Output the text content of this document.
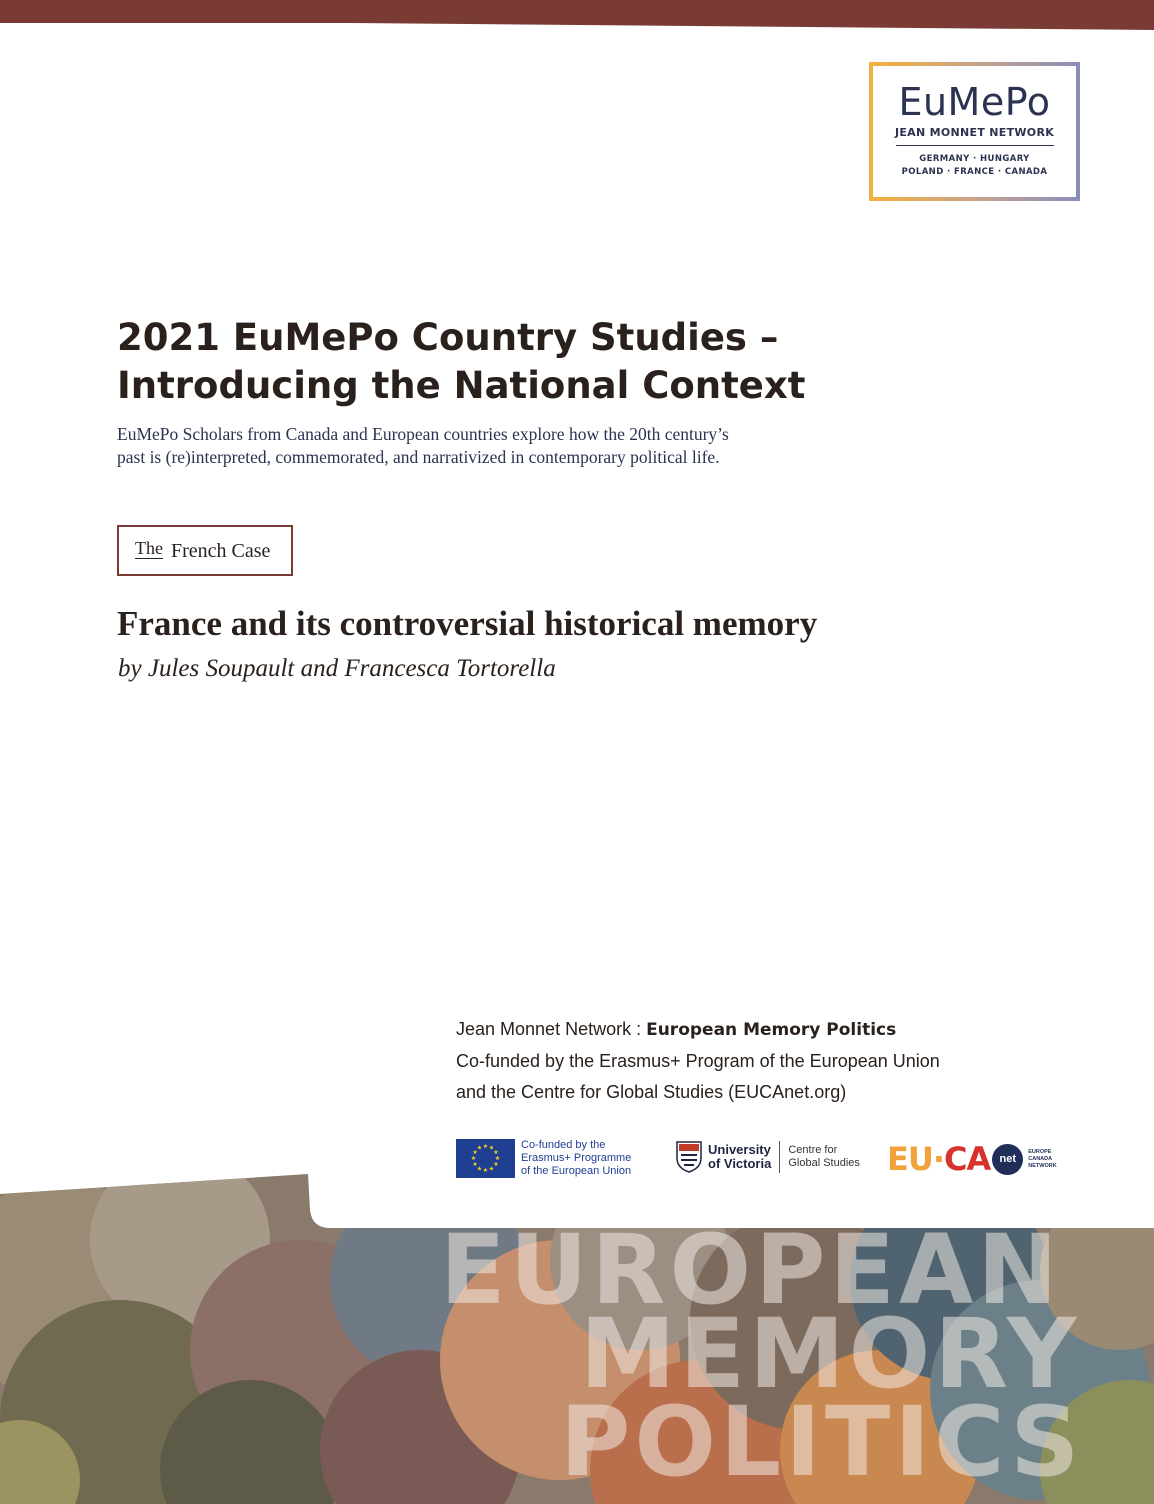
EuMePo
JEAN MONNET NETWORK
GERMANY · HUNGARY
POLAND · FRANCE · CANADA
2021 EuMePo Country Studies –
Introducing the National Context

EuMePo Scholars from Canada and European countries explore how the 20th century’s
past is (re)interpreted, commemorated, and narrativized in contemporary political life.

The French Case
France and its controversial historical memory

by Jules Soupault and Francesca Tortorella

Jean Monnet Network : European Memory Politics
Co-funded by the Erasmus+ Program of the European Union
and the Centre for Global Studies (EUCAnet.org)
★ ★
★
★
★
★
★
★
★
★
★
★	Co-funded by the
Erasmus+ Programme
of the European Union
University
of Victoria
Centre for
Global Studies EU·CA net
EUROPE
CANADA
NETWORK
EUROPEAN
MEMORY
POLITICS
